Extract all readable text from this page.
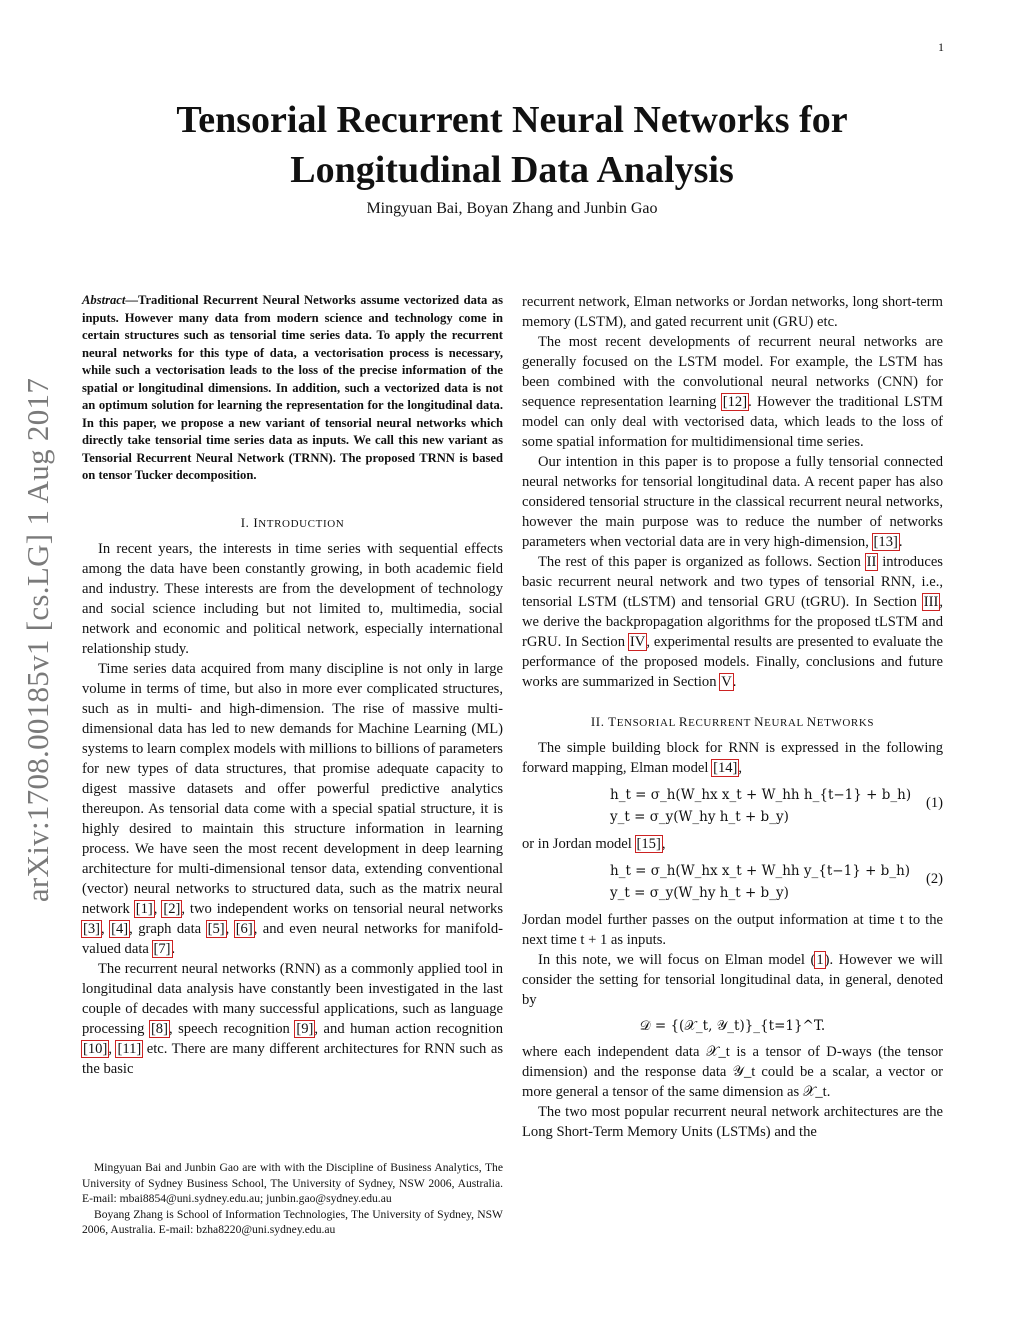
1
arXiv:1708.00185v1 [cs.LG] 1 Aug 2017
Tensorial Recurrent Neural Networks for
Longitudinal Data Analysis
Mingyuan Bai, Boyan Zhang and Junbin Gao
Abstract—Traditional Recurrent Neural Networks assume vectorized data as inputs. However many data from modern science and technology come in certain structures such as tensorial time series data. To apply the recurrent neural networks for this type of data, a vectorisation process is necessary, while such a vectorisation leads to the loss of the precise information of the spatial or longitudinal dimensions. In addition, such a vectorized data is not an optimum solution for learning the representation for the longitudinal data. In this paper, we propose a new variant of tensorial neural networks which directly take tensorial time series data as inputs. We call this new variant as Tensorial Recurrent Neural Network (TRNN). The proposed TRNN is based on tensor Tucker decomposition.
I. INTRODUCTION

In recent years, the interests in time series with sequential effects among the data have been constantly growing, in both academic field and industry. These interests are from the development of technology and social science including but not limited to, multimedia, social network and economic and political network, especially international relationship study.

Time series data acquired from many discipline is not only in large volume in terms of time, but also in more ever complicated structures, such as in multi- and high-dimension. The rise of massive multi-dimensional data has led to new demands for Machine Learning (ML) systems to learn complex models with millions to billions of parameters for new types of data structures, that promise adequate capacity to digest massive datasets and offer powerful predictive analytics thereupon. As tensorial data come with a special spatial structure, it is highly desired to maintain this structure information in learning process. We have seen the most recent development in deep learning architecture for multi-dimensional tensor data, extending conventional (vector) neural networks to structured data, such as the matrix neural network [1], [2], two independent works on tensorial neural networks [3], [4], graph data [5], [6], and even neural networks for manifold-valued data [7].

The recurrent neural networks (RNN) as a commonly applied tool in longitudinal data analysis have constantly been investigated in the last couple of decades with many successful applications, such as language processing [8], speech recognition [9], and human action recognition [10], [11] etc. There are many different architectures for RNN such as the basic

Mingyuan Bai and Junbin Gao are with with the Discipline of Business Analytics, The University of Sydney Business School, The University of Sydney, NSW 2006, Australia. E-mail: mbai8854@uni.sydney.edu.au; junbin.gao@sydney.edu.au

Boyang Zhang is School of Information Technologies, The University of Sydney, NSW 2006, Australia. E-mail: bzha8220@uni.sydney.edu.au

recurrent network, Elman networks or Jordan networks, long short-term memory (LSTM), and gated recurrent unit (GRU) etc.

The most recent developments of recurrent neural networks are generally focused on the LSTM model. For example, the LSTM has been combined with the convolutional neural networks (CNN) for sequence representation learning [12]. However the traditional LSTM model can only deal with vectorised data, which leads to the loss of some spatial information for multidimensional time series.

Our intention in this paper is to propose a fully tensorial connected neural networks for tensorial longitudinal data. A recent paper has also considered tensorial structure in the classical recurrent neural networks, however the main purpose was to reduce the number of networks parameters when vectorial data are in very high-dimension, [13].

The rest of this paper is organized as follows. Section II introduces basic recurrent neural network and two types of tensorial RNN, i.e., tensorial LSTM (tLSTM) and tensorial GRU (tGRU). In Section III, we derive the backpropagation algorithms for the proposed tLSTM and rGRU. In Section IV, experimental results are presented to evaluate the performance of the proposed models. Finally, conclusions and future works are summarized in Section V.

II. TENSORIAL RECURRENT NEURAL NETWORKS

The simple building block for RNN is expressed in the following forward mapping, Elman model [14],

h_t = σ_h(W_hx x_t + W_hh h_{t−1} + b_h)
y_t = σ_y(W_hy h_t + b_y)
(1)

or in Jordan model [15],

h_t = σ_h(W_hx x_t + W_hh y_{t−1} + b_h)
y_t = σ_y(W_hy h_t + b_y)
(2)

Jordan model further passes on the output information at time t to the next time t + 1 as inputs.

In this note, we will focus on Elman model (1). However we will consider the setting for tensorial longitudinal data, in general, denoted by

𝒟 = {(𝒳_t, 𝒴_t)}_{t=1}^T.

where each independent data 𝒳_t is a tensor of D-ways (the tensor dimension) and the response data 𝒴_t could be a scalar, a vector or more general a tensor of the same dimension as 𝒳_t.

The two most popular recurrent neural network architectures are the Long Short-Term Memory Units (LSTMs) and the
